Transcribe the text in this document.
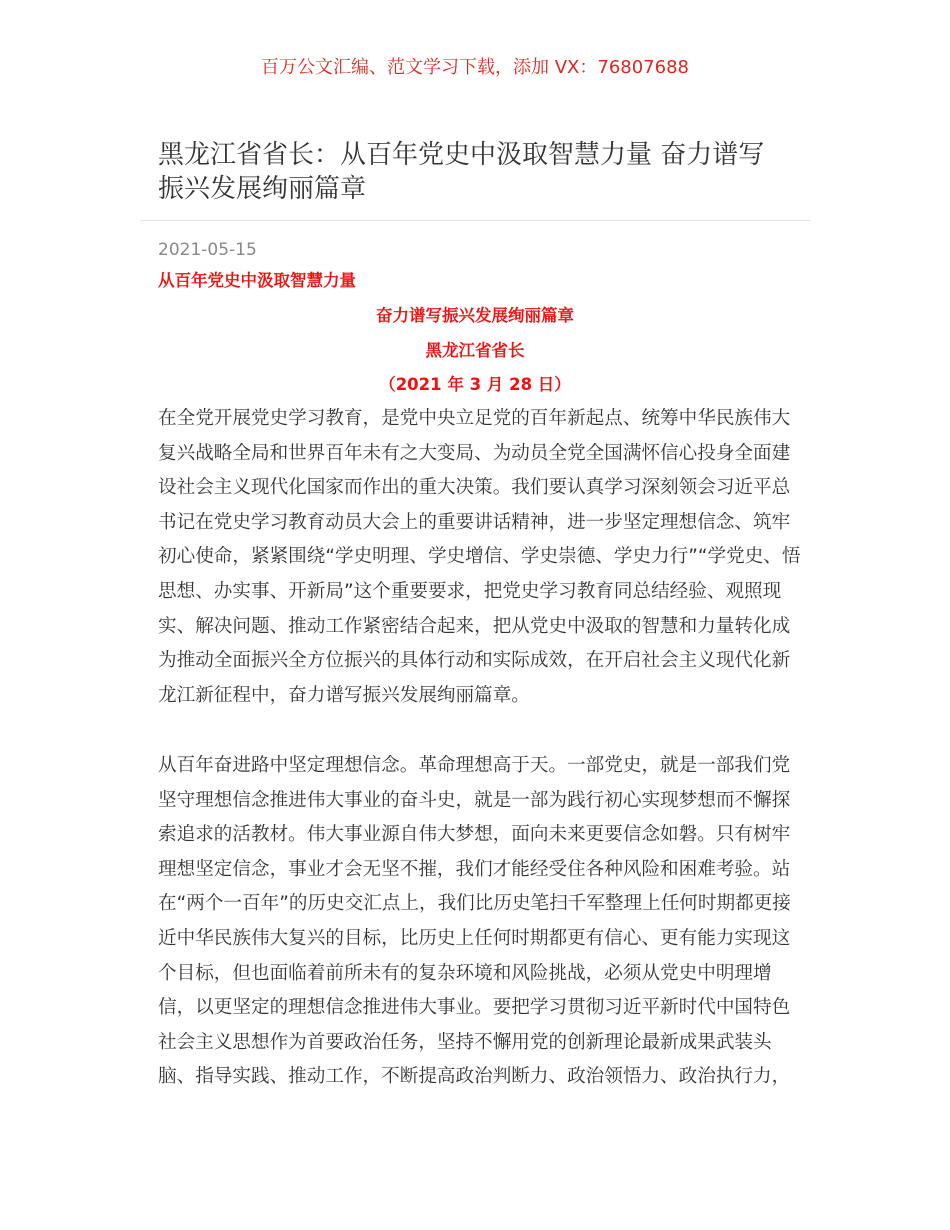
百万公文汇编、范文学习下载，添加 VX：76807688
黑龙江省省长：从百年党史中汲取智慧力量 奋力谱写
振兴发展绚丽篇章
2021-05-15
从百年党史中汲取智慧力量
奋力谱写振兴发展绚丽篇章
黑龙江省省长
（2021 年 3 月 28 日）
在全党开展党史学习教育，是党中央立足党的百年新起点、统筹中华民族伟大
复兴战略全局和世界百年未有之大变局、为动员全党全国满怀信心投身全面建
设社会主义现代化国家而作出的重大决策。我们要认真学习深刻领会习近平总
书记在党史学习教育动员大会上的重要讲话精神，进一步坚定理想信念、筑牢
初心使命，紧紧围绕“学史明理、学史增信、学史崇德、学史力行”“学党史、悟
思想、办实事、开新局”这个重要要求，把党史学习教育同总结经验、观照现
实、解决问题、推动工作紧密结合起来，把从党史中汲取的智慧和力量转化成
为推动全面振兴全方位振兴的具体行动和实际成效，在开启社会主义现代化新
龙江新征程中，奋力谱写振兴发展绚丽篇章。
从百年奋进路中坚定理想信念。革命理想高于天。一部党史，就是一部我们党
坚守理想信念推进伟大事业的奋斗史，就是一部为践行初心实现梦想而不懈探
索追求的活教材。伟大事业源自伟大梦想，面向未来更要信念如磐。只有树牢
理想坚定信念，事业才会无坚不摧，我们才能经受住各种风险和困难考验。站
在“两个一百年”的历史交汇点上，我们比历史笔扫千军整理上任何时期都更接
近中华民族伟大复兴的目标，比历史上任何时期都更有信心、更有能力实现这
个目标，但也面临着前所未有的复杂环境和风险挑战，必须从党史中明理增
信，以更坚定的理想信念推进伟大事业。要把学习贯彻习近平新时代中国特色
社会主义思想作为首要政治任务，坚持不懈用党的创新理论最新成果武装头
脑、指导实践、推动工作，不断提高政治判断力、政治领悟力、政治执行力，
